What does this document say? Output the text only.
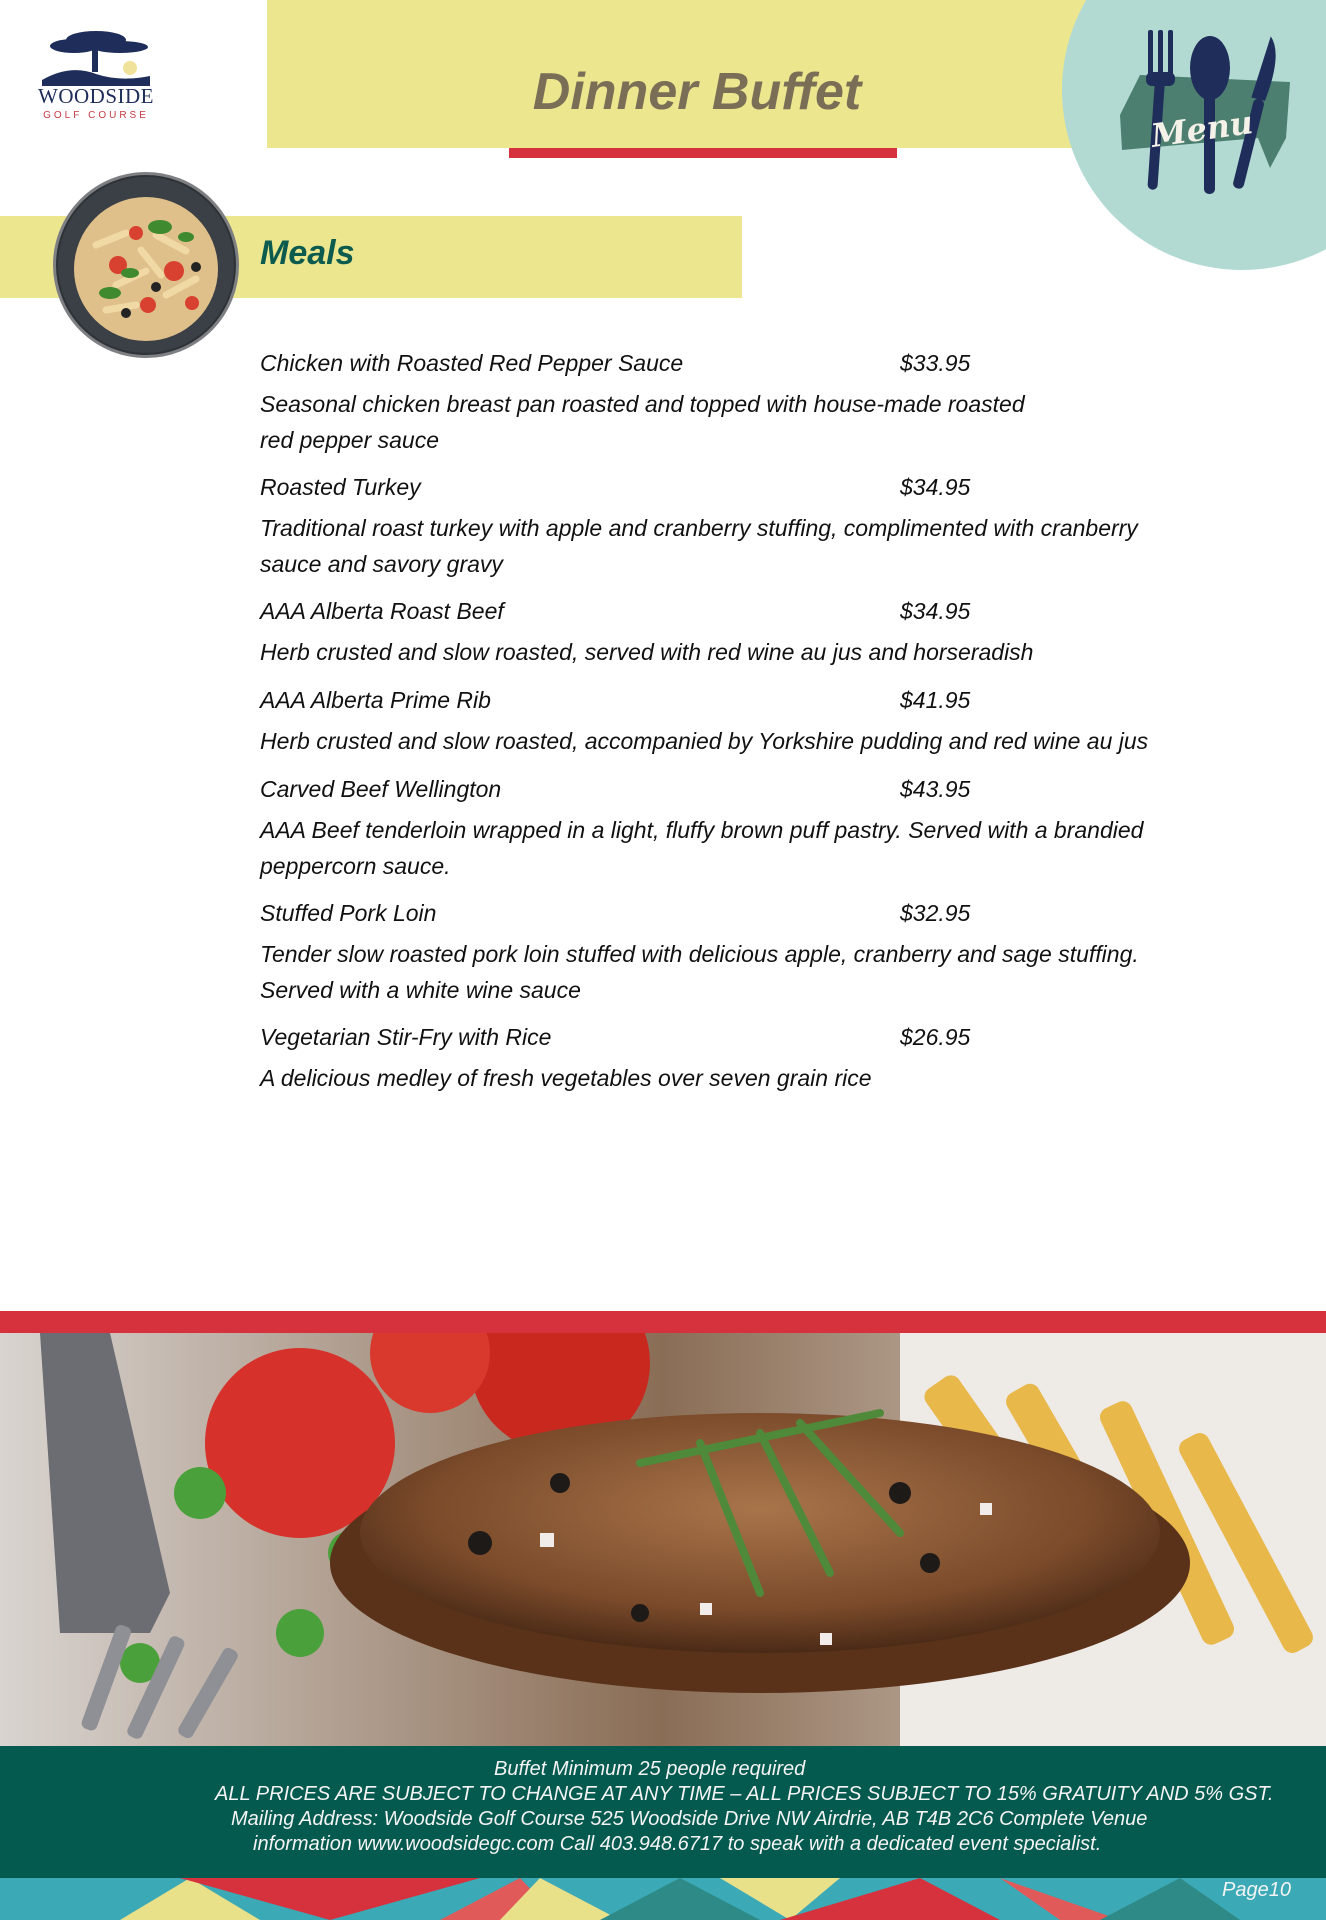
WOODSIDE
GOLF COURSE	Dinner Buffet
Menu
Meals
Chicken with Roasted Red Pepper Sauce	$33.95
Seasonal chicken breast pan roasted and topped with house-made roasted red pepper sauce
Roasted Turkey	$34.95
Traditional roast turkey with apple and cranberry stuffing, complimented with cranberry sauce and savory gravy
AAA Alberta Roast Beef	$34.95
Herb crusted and slow roasted, served with red wine au jus and horseradish
AAA Alberta Prime Rib	$41.95
Herb crusted and slow roasted, accompanied by Yorkshire pudding and red wine au jus
Carved Beef Wellington	$43.95
AAA Beef tenderloin wrapped in a light, fluffy brown puff pastry. Served with a brandied peppercorn sauce.
Stuffed Pork Loin	$32.95
Tender slow roasted pork loin stuffed with delicious apple, cranberry and sage stuffing. Served with a white wine sauce
Vegetarian Stir-Fry with Rice	$26.95
A delicious medley of fresh vegetables over seven grain rice
Buffet Minimum 25 people required
ALL PRICES ARE SUBJECT TO CHANGE AT ANY TIME – ALL PRICES SUBJECT TO 15% GRATUITY AND 5% GST.
Mailing Address: Woodside Golf Course 525 Woodside Drive NW Airdrie, AB T4B 2C6 Complete Venue
information www.woodsidegc.com Call 403.948.6717 to speak with a dedicated event specialist.
Page10
